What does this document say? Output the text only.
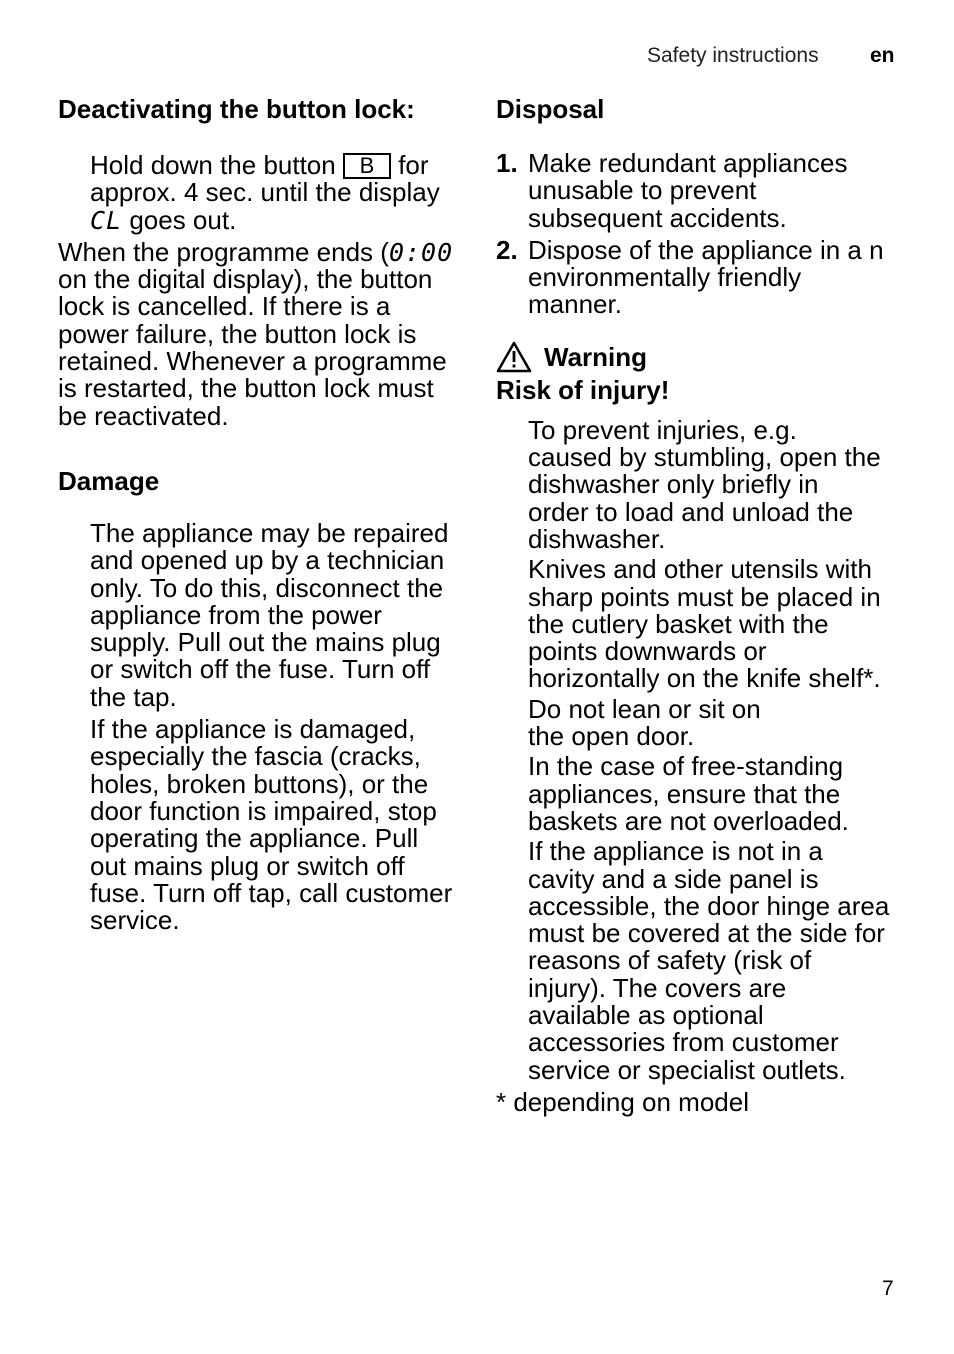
Safety instructions en
Deactivating the button lock:

Hold down the button B for approx. 4 sec. until the display CL goes out.

When the programme ends (0:00 on the digital display), the button lock is cancelled. If there is a power failure, the button lock is retained. Whenever a programme is restarted, the button lock must be reactivated.

Damage

The appliance may be repaired and opened up by a technician only. To do this, disconnect the appliance from the power supply. Pull out the mains plug or switch off the fuse. Turn off the tap.

If the appliance is damaged, especially the fascia (cracks, holes, broken buttons), or the door function is impaired, stop operating the appliance. Pull out mains plug or switch off fuse. Turn off tap, call customer service.

Disposal
1. Make redundant appliances unusable to prevent subsequent accidents.
2. Dispose of the appliance in a n environmentally friendly manner.
Warning
Risk of injury!

To prevent injuries, e.g. caused by stumbling, open the dishwasher only briefly in order to load and unload the dishwasher.

Knives and other utensils with sharp points must be placed in the cutlery basket with the points downwards or horizontally on the knife shelf*.

Do not lean or sit on the open door.

In the case of free-standing appliances, ensure that the baskets are not overloaded.

If the appliance is not in a cavity and a side panel is accessible, the door hinge area must be covered at the side for reasons of safety (risk of injury). The covers are available as optional accessories from customer service or specialist outlets.

* depending on model

7
